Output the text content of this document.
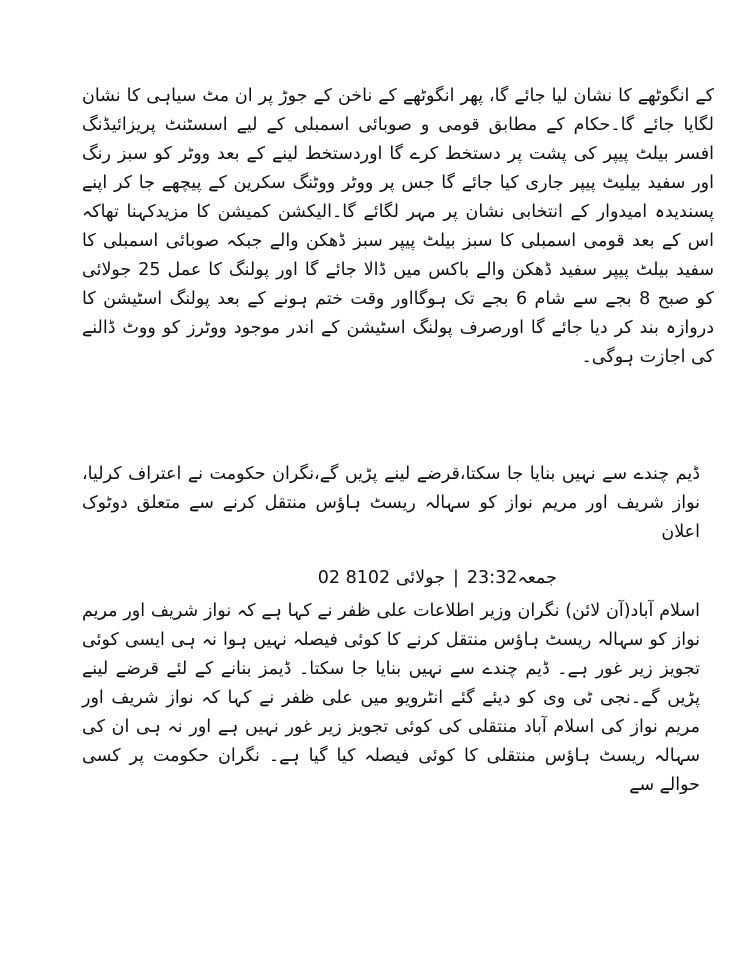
کے انگوٹھے کا نشان لیا جائے گا، پھر انگوٹھے کے ناخن کے جوڑ پر ان مٹ سیاہی کا نشان لگایا جائے گا۔حکام کے مطابق قومی و صوبائی اسمبلی کے لیے اسسٹنٹ پریزائیڈنگ افسر بیلٹ پیپر کی پشت پر دستخط کرے گا اوردستخط لینے کے بعد ووٹر کو سبز رنگ اور سفید بیلیٹ پیپر جاری کیا جائے گا جس پر ووٹر ووٹنگ سکرین کے پیچھے جا کر اپنے پسندیدہ امیدوار کے انتخابی نشان پر مہر لگائے گا۔الیکشن کمیشن کا مزیدکہنا تھاکہ اس کے بعد قومی اسمبلی کا سبز بیلٹ پیپر سبز ڈھکن والے جبکہ صوبائی اسمبلی کا سفید بیلٹ پیپر سفید ڈھکن والے باکس میں ڈالا جائے گا اور پولنگ کا عمل 25 جولائی کو صبح 8 بجے سے شام 6 بجے تک ہوگااور وقت ختم ہونے کے بعد پولنگ اسٹیشن کا دروازہ بند کر دیا جائے گا اورصرف پولنگ اسٹیشن کے اندر موجود ووٹرز کو ووٹ ڈالنے کی اجازت ہوگی۔

ڈیم چندے سے نہیں بنایا جا سکتا،قرضے لینے پڑیں گے،نگران حکومت نے اعتراف کرلیا، نواز شریف اور مریم نواز کو سہالہ ریسٹ ہاؤس منتقل کرنے سے متعلق دوٹوک اعلان

جمعہ23:32|02 جولائی 8102

اسلام آباد(آن لائن) نگران وزیر اطلاعات علی ظفر نے کہا ہے کہ نواز شریف اور مریم نواز کو سہالہ ریسٹ ہاؤس منتقل کرنے کا کوئی فیصلہ نہیں ہوا نہ ہی ایسی کوئی تجویز زیر غور ہے۔ ڈیم چندے سے نہیں بنایا جا سکتا۔ ڈیمز بنانے کے لئے قرضے لینے پڑیں گے۔نجی ٹی وی کو دیئے گئے انٹرویو میں علی ظفر نے کہا کہ نواز شریف اور مریم نواز کی اسلام آباد منتقلی کی کوئی تجویز زیر غور نہیں ہے اور نہ ہی ان کی سہالہ ریسٹ ہاؤس منتقلی کا کوئی فیصلہ کیا گیا ہے۔ نگران حکومت پر کسی حوالے سے
